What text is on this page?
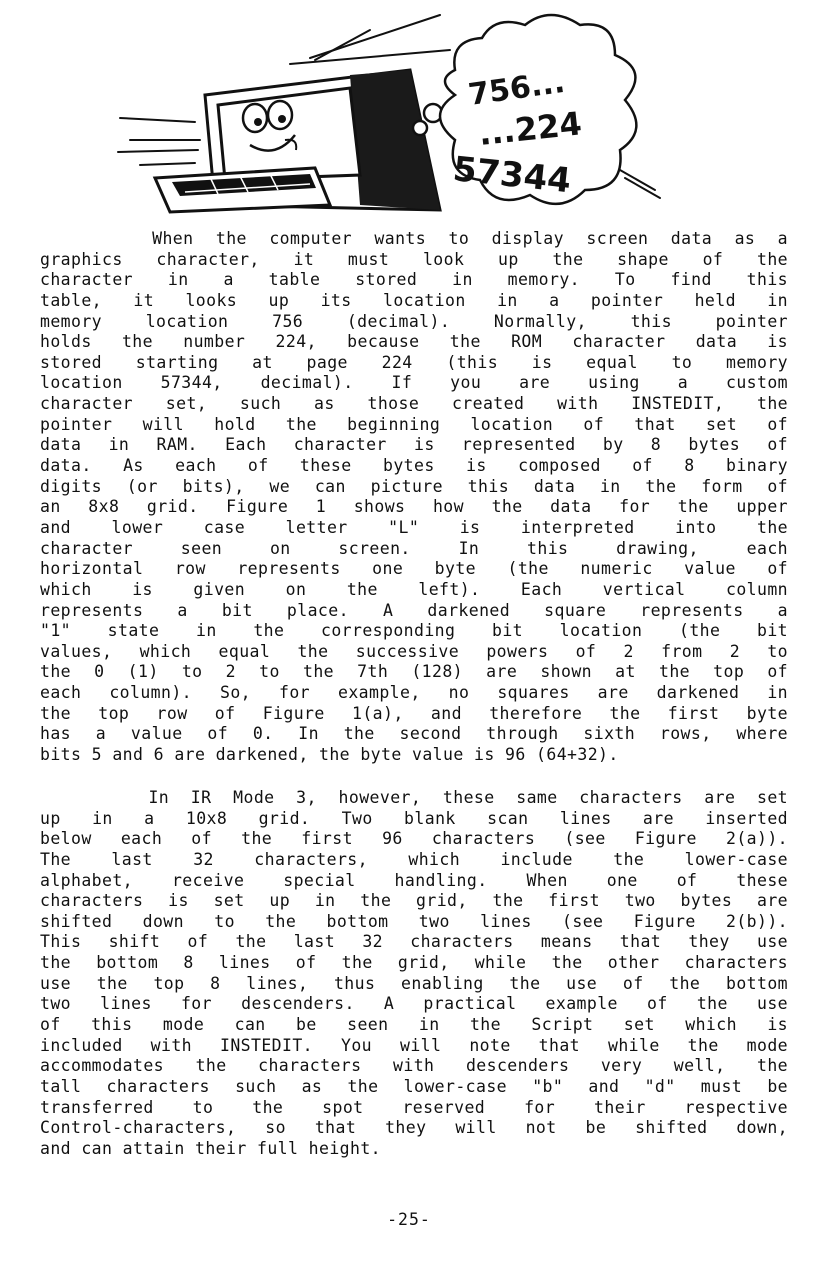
756...
...224
57344
When the computer wants to display screen data as a
graphics character, it must look up the shape of the
character in a table stored in memory. To find this
table, it looks up its location in a pointer held in
memory location 756 (decimal). Normally, this pointer
holds the number 224, because the ROM character data is
stored starting at page 224 (this is equal to memory
location 57344, decimal). If you are using a custom
character set, such as those created with INSTEDIT, the
pointer will hold the beginning location of that set of
data in RAM. Each character is represented by 8 bytes of
data. As each of these bytes is composed of 8 binary
digits (or bits), we can picture this data in the form of
an 8x8 grid. Figure 1 shows how the data for the upper
and lower case letter "L" is interpreted into the
character seen on screen. In this drawing, each
horizontal row represents one byte (the numeric value of
which is given on the left). Each vertical column
represents a bit place. A darkened square represents a
"1" state in the corresponding bit location (the bit
values, which equal the successive powers of 2 from 2 to
the 0 (1) to 2 to the 7th (128) are shown at the top of
each column). So, for example, no squares are darkened in
the top row of Figure 1(a), and therefore the first byte
has a value of 0. In the second through sixth rows, where
bits 5 and 6 are darkened, the byte value is 96 (64+32).
In IR Mode 3, however, these same characters are set
up in a 10x8 grid. Two blank scan lines are inserted
below each of the first 96 characters (see Figure 2(a)).
The last 32 characters, which include the lower-case
alphabet, receive special handling. When one of these
characters is set up in the grid, the first two bytes are
shifted down to the bottom two lines (see Figure 2(b)).
This shift of the last 32 characters means that they use
the bottom 8 lines of the grid, while the other characters
use the top 8 lines, thus enabling the use of the bottom
two lines for descenders. A practical example of the use
of this mode can be seen in the Script set which is
included with INSTEDIT. You will note that while the mode
accommodates the characters with descenders very well, the
tall characters such as the lower-case "b" and "d" must be
transferred to the spot reserved for their respective
Control-characters, so that they will not be shifted down,
and can attain their full height.
-25-
